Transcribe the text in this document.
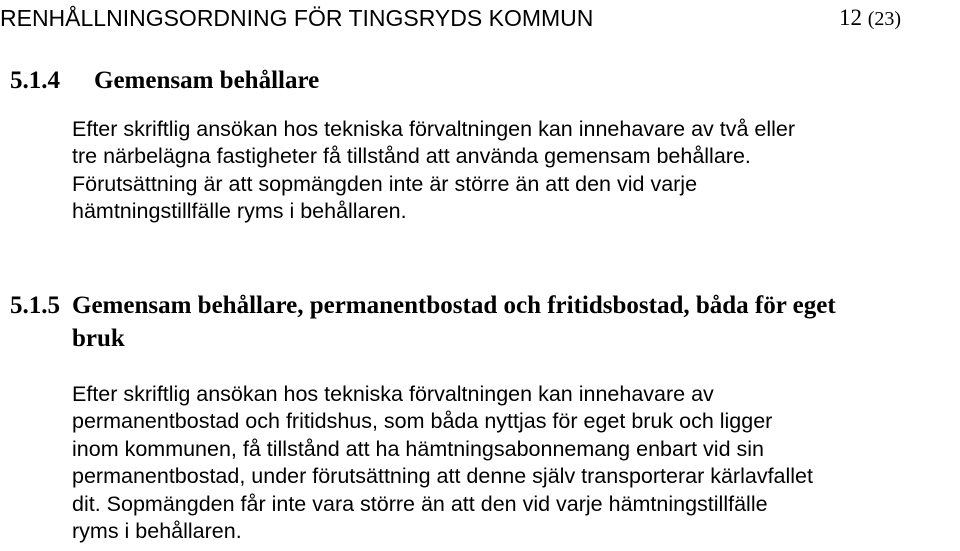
RENHÅLLNINGSORDNING FÖR TINGSRYDS KOMMUN	12 (23)
5.1.4 Gemensam behållare

Efter skriftlig ansökan hos tekniska förvaltningen kan innehavare av två eller
tre närbelägna fastigheter få tillstånd att använda gemensam behållare.
Förutsättning är att sopmängden inte är större än att den vid varje
hämtningstillfälle ryms i behållaren.

5.1.5 Gemensam behållare, permanentbostad och fritidsbostad, båda för eget
bruk

Efter skriftlig ansökan hos tekniska förvaltningen kan innehavare av
permanentbostad och fritidshus, som båda nyttjas för eget bruk och ligger
inom kommunen, få tillstånd att ha hämtningsabonnemang enbart vid sin
permanentbostad, under förutsättning att denne själv transporterar kärlavfallet
dit. Sopmängden får inte vara större än att den vid varje hämtningstillfälle
ryms i behållaren.
